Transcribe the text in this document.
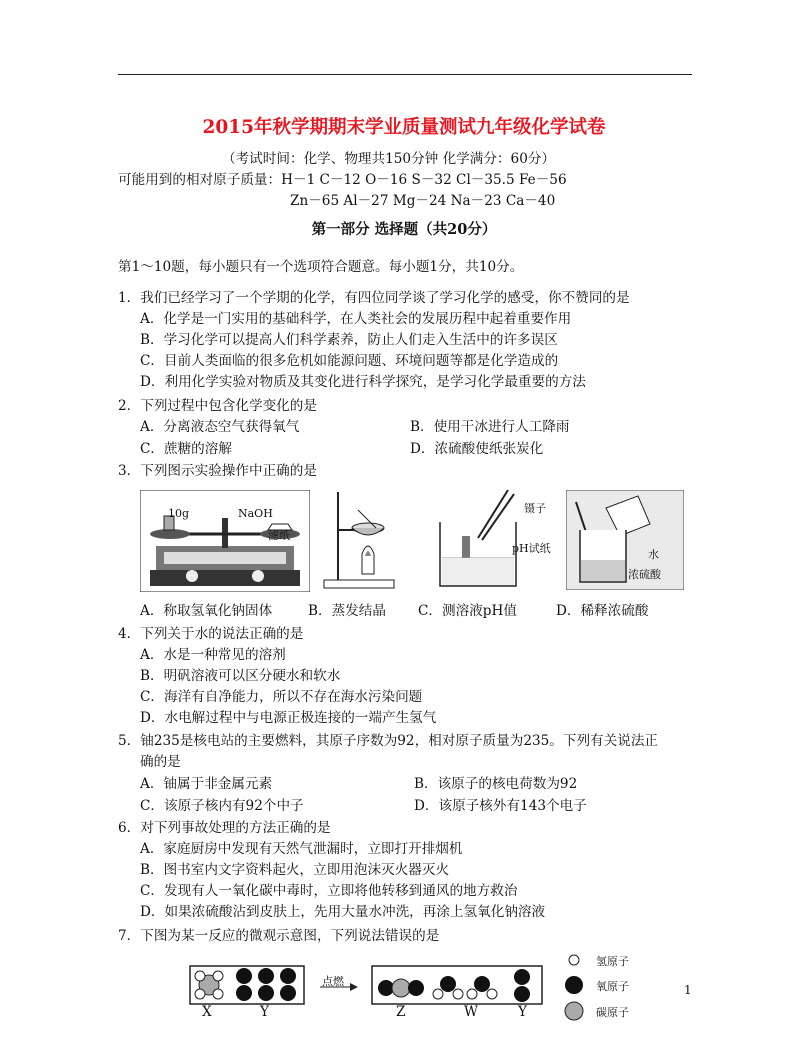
2015年秋学期期末学业质量测试九年级化学试卷
（考试时间：化学、物理共150分钟 化学满分：60分）
可能用到的相对原子质量：H－1 C－12 O－16 S－32 Cl－35.5 Fe－56
Zn－65 Al－27 Mg－24 Na－23 Ca－40
第一部分 选择题（共20分）
第1～10题，每小题只有一个选项符合题意。每小题1分，共10分。
1．我们已经学习了一个学期的化学，有四位同学谈了学习化学的感受，你不赞同的是
A．化学是一门实用的基础科学，在人类社会的发展历程中起着重要作用
B．学习化学可以提高人们科学素养，防止人们走入生活中的许多误区
C．目前人类面临的很多危机如能源问题、环境问题等都是化学造成的
D．利用化学实验对物质及其变化进行科学探究，是学习化学最重要的方法
2．下列过程中包含化学变化的是
A．分离液态空气获得氧气	B．使用干冰进行人工降雨
C．蔗糖的溶解	D．浓硫酸使纸张炭化
3．下列图示实验操作中正确的是
10g	NaOH
滤纸
镊子
pH试纸	水
浓硫酸
A．称取氢氧化钠固体	B．蒸发结晶 C．测溶液pH值	D．稀释浓硫酸
4．下列关于水的说法正确的是
A．水是一种常见的溶剂
B．明矾溶液可以区分硬水和软水
C．海洋有自净能力，所以不存在海水污染问题
D．水电解过程中与电源正极连接的一端产生氢气
5．铀235是核电站的主要燃料，其原子序数为92，相对原子质量为235。下列有关说法正
确的是
A．铀属于非金属元素	B．该原子的核电荷数为92
C．该原子核内有92个中子	D．该原子核外有143个电子
6．对下列事故处理的方法正确的是
A．家庭厨房中发现有天然气泄漏时，立即打开排烟机
B．图书室内文字资料起火，立即用泡沫灭火器灭火
C．发现有人一氧化碳中毒时，立即将他转移到通风的地方救治
D．如果浓硫酸沾到皮肤上，先用大量水冲洗，再涂上氢氧化钠溶液
7．下图为某一反应的微观示意图，下列说法错误的是
点燃
X	Y	Z	W	Y
氢原子
氧原子
碳原子
1
